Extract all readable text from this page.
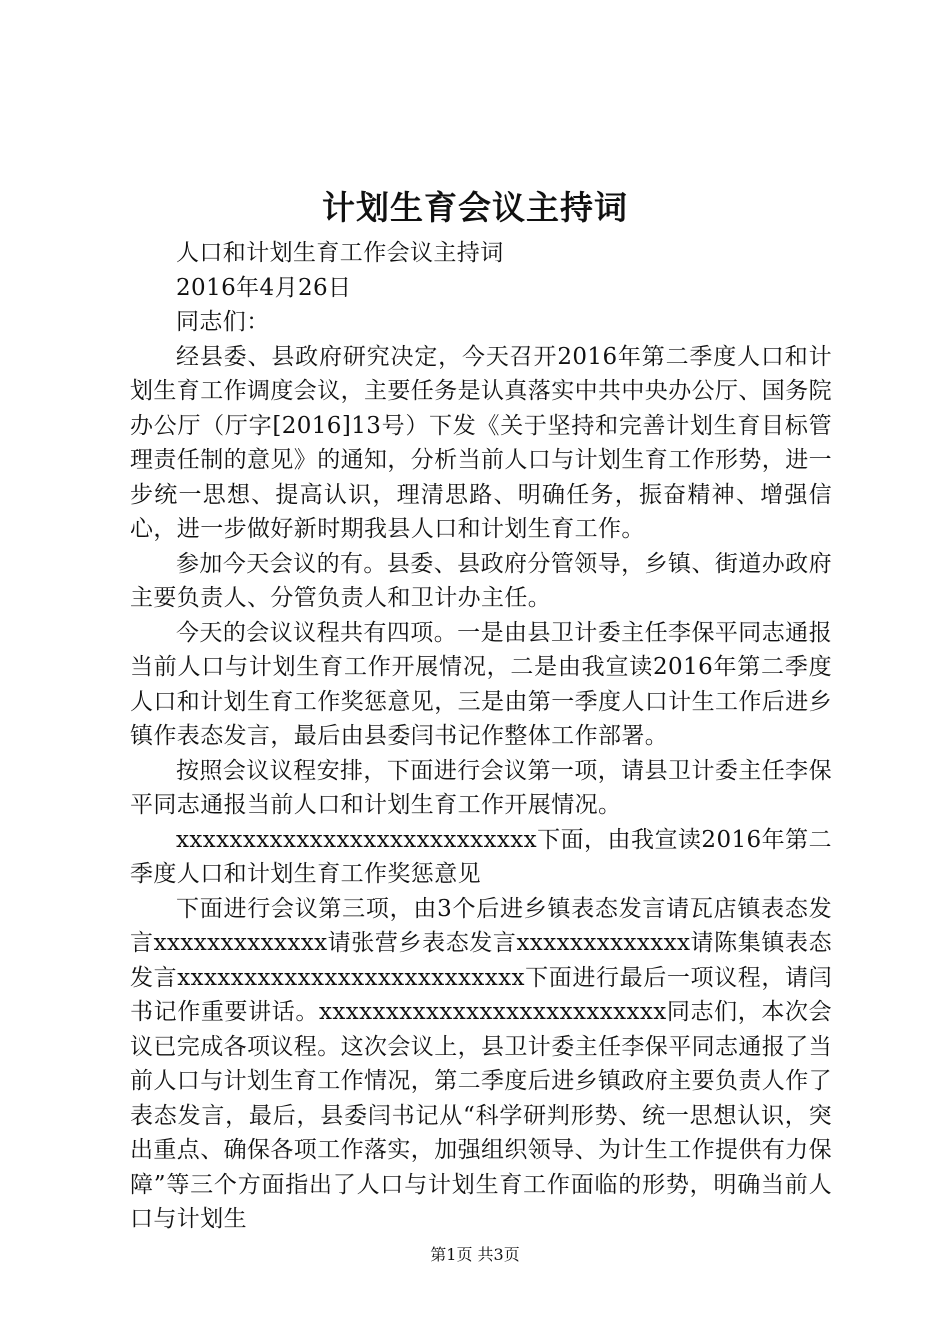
计划生育会议主持词

人口和计划生育工作会议主持词

2016年4月26日

同志们：

经县委、县政府研究决定，今天召开2016年第二季度人口和计划生育工作调度会议，主要任务是认真落实中共中央办公厅、国务院办公厅（厅字[2016]13号）下发《关于坚持和完善计划生育目标管理责任制的意见》的通知，分析当前人口与计划生育工作形势，进一步统一思想、提高认识，理清思路、明确任务，振奋精神、增强信心，进一步做好新时期我县人口和计划生育工作。

参加今天会议的有。县委、县政府分管领导，乡镇、街道办政府主要负责人、分管负责人和卫计办主任。

今天的会议议程共有四项。一是由县卫计委主任李保平同志通报当前人口与计划生育工作开展情况，二是由我宣读2016年第二季度人口和计划生育工作奖惩意见，三是由第一季度人口计生工作后进乡镇作表态发言，最后由县委闫书记作整体工作部署。

按照会议议程安排，下面进行会议第一项，请县卫计委主任李保平同志通报当前人口和计划生育工作开展情况。

xxxxxxxxxxxxxxxxxxxxxxxxxxx下面，由我宣读2016年第二季度人口和计划生育工作奖惩意见

下面进行会议第三项，由3个后进乡镇表态发言请瓦店镇表态发言xxxxxxxxxxxxx请张营乡表态发言xxxxxxxxxxxxx请陈集镇表态发言xxxxxxxxxxxxxxxxxxxxxxxxxx下面进行最后一项议程，请闫书记作重要讲话。xxxxxxxxxxxxxxxxxxxxxxxxxx同志们，本次会议已完成各项议程。这次会议上，县卫计委主任李保平同志通报了当前人口与计划生育工作情况，第二季度后进乡镇政府主要负责人作了表态发言，最后，县委闫书记从“科学研判形势、统一思想认识，突出重点、确保各项工作落实，加强组织领导、为计生工作提供有力保障”等三个方面指出了人口与计划生育工作面临的形势，明确当前人口与计划生

第1页 共3页
